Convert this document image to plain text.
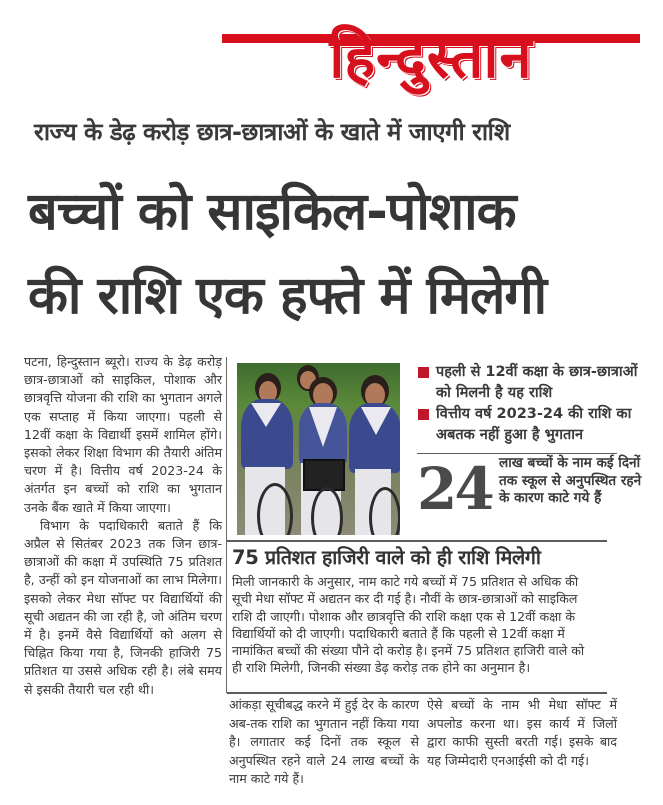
हिन्दुस्तान
राज्य के डेढ़ करोड़ छात्र-छात्राओं के खाते में जाएगी राशि
बच्चों को साइकिल-पोशाक
की राशि एक हफ्ते में मिलेगी

पटना, हिन्दुस्तान ब्यूरो। राज्य के डेढ़ करोड़ छात्र-छात्राओं को साइकिल, पोशाक और छात्रवृत्ति योजना की राशि का भुगतान अगले एक सप्ताह में किया जाएगा। पहली से 12वीं कक्षा के विद्यार्थी इसमें शामिल होंगे। इसको लेकर शिक्षा विभाग की तैयारी अंतिम चरण में है। वित्तीय वर्ष 2023-24 के अंतर्गत इन बच्चों को राशि का भुगतान उनके बैंक खाते में किया जाएगा।

विभाग के पदाधिकारी बताते हैं कि अप्रैल से सितंबर 2023 तक जिन छात्र-छात्राओं की कक्षा में उपस्थिति 75 प्रतिशत है, उन्हीं को इन योजनाओं का लाभ मिलेगा। इसको लेकर मेधा सॉफ्ट पर विद्यार्थियों की सूची अद्यतन की जा रही है, जो अंतिम चरण में है। इनमें वैसे विद्यार्थियों को अलग से चिह्नित किया गया है, जिनकी हाजिरी 75 प्रतिशत या उससे अधिक रही है। लंबे समय से इसकी तैयारी चल रही थी।

पहली से 12वीं कक्षा के छात्र-छात्राओं को मिलनी है यह राशि
वित्तीय वर्ष 2023-24 की राशि का अबतक नहीं हुआ है भुगतान
24 लाख बच्चों के नाम कई दिनों तक स्कूल से अनुपस्थित रहने के कारण काटे गये हैं
75 प्रतिशत हाजिरी वाले को ही राशि मिलेगी
मिली जानकारी के अनुसार, नाम काटे गये बच्चों में 75 प्रतिशत से अधिक की सूची मेधा सॉफ्ट में अद्यतन कर दी गई है। नौवीं के छात्र-छात्राओं को साइकिल राशि दी जाएगी। पोशाक और छात्रवृत्ति की राशि कक्षा एक से 12वीं कक्षा के विद्यार्थियों को दी जाएगी। पदाधिकारी बताते हैं कि पहली से 12वीं कक्षा में नामांकित बच्चों की संख्या पौने दो करोड़ है। इनमें 75 प्रतिशत हाजिरी वाले को ही राशि मिलेगी, जिनकी संख्या डेढ़ करोड़ तक होने का अनुमान है।
आंकड़ा सूचीबद्ध करने में हुई देर के कारण अब-तक राशि का भुगतान नहीं किया गया है। लगातार कई दिनों तक स्कूल से अनुपस्थित रहने वाले 24 लाख बच्चों के नाम काटे गये हैं।
ऐसे बच्चों के नाम भी मेधा सॉफ्ट में अपलोड करना था। इस कार्य में जिलों द्वारा काफी सुस्ती बरती गई। इसके बाद यह जिम्मेदारी एनआईसी को दी गई।
